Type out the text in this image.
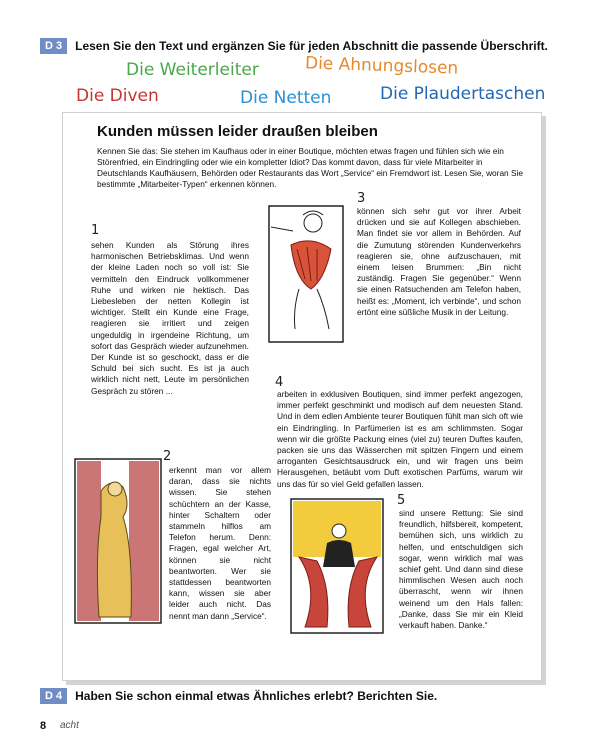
D 3	Lesen Sie den Text und ergänzen Sie für jeden Abschnitt die passende Überschrift.
Die Weiterleiter	Die Ahnungslosen
Die Diven	Die Netten	Die Plaudertaschen
Kunden müssen leider draußen bleiben
Kennen Sie das: Sie stehen im Kaufhaus oder in einer Boutique, möchten etwas fragen und fühlen sich wie ein Störenfried, ein Eindringling oder wie ein kompletter Idiot? Das kommt davon, dass für viele Mitarbeiter in Deutschlands Kaufhäusern, Behörden oder Restaurants das Wort „Service“ ein Fremdwort ist. Lesen Sie, woran Sie bestimmte „Mitarbeiter-Typen“ erkennen können.
1
sehen Kunden als Störung ihres harmonischen Betriebsklimas. Und wenn der kleine Laden noch so voll ist: Sie vermitteln den Eindruck vollkommener Ruhe und wirken nie hektisch. Das Liebesleben der netten Kollegin ist wichtiger. Stellt ein Kunde eine Frage, reagieren sie irritiert und zeigen ungeduldig in irgendeine Richtung, um sofort das Gespräch wieder aufzunehmen. Der Kunde ist so geschockt, dass er die Schuld bei sich sucht. Es ist ja auch wirklich nicht nett, Leute im persönlichen Gespräch zu stören ...
3
können sich sehr gut vor ihrer Arbeit drücken und sie auf Kollegen abschieben. Man findet sie vor allem in Behörden. Auf die Zumutung störenden Kundenverkehrs reagieren sie, ohne aufzuschauen, mit einem leisen Brummen: „Bin nicht zuständig. Fragen Sie gegenüber.“ Wenn sie einen Ratsuchenden am Telefon haben, heißt es: „Moment, ich verbinde“, und schon ertönt eine süßliche Musik in der Leitung.
4
arbeiten in exklusiven Boutiquen, sind immer perfekt angezogen, immer perfekt geschminkt und modisch auf dem neuesten Stand. Und in dem edlen Ambiente teurer Boutiquen fühlt man sich oft wie ein Eindringling. In Parfümerien ist es am schlimmsten. Sogar wenn wir die größte Packung eines (viel zu) teuren Duftes kaufen, packen sie uns das Wässerchen mit spitzen Fingern und einem arroganten Gesichtsausdruck ein, und wir fragen uns beim Herausgehen, betäubt vom Duft exotischen Parfüms, warum wir uns das für so viel Geld gefallen lassen.
2
erkennt man vor allem daran, dass sie nichts wissen. Sie stehen schüchtern an der Kasse, hinter Schaltern oder stammeln hilflos am Telefon herum. Denn: Fragen, egal welcher Art, können sie nicht beantworten. Wer sie stattdessen beantworten kann, wissen sie aber leider auch nicht. Das nennt man dann „Service“.
5
sind unsere Rettung: Sie sind freundlich, hilfsbereit, kompetent, bemühen sich, uns wirklich zu helfen, und entschuldigen sich sogar, wenn wirklich mal was schief geht. Und dann sind diese himmlischen Wesen auch noch überrascht, wenn wir ihnen weinend um den Hals fallen: „Danke, dass Sie mir ein Kleid verkauft haben. Danke.“
D 4	Haben Sie schon einmal etwas Ähnliches erlebt? Berichten Sie.
8 acht
